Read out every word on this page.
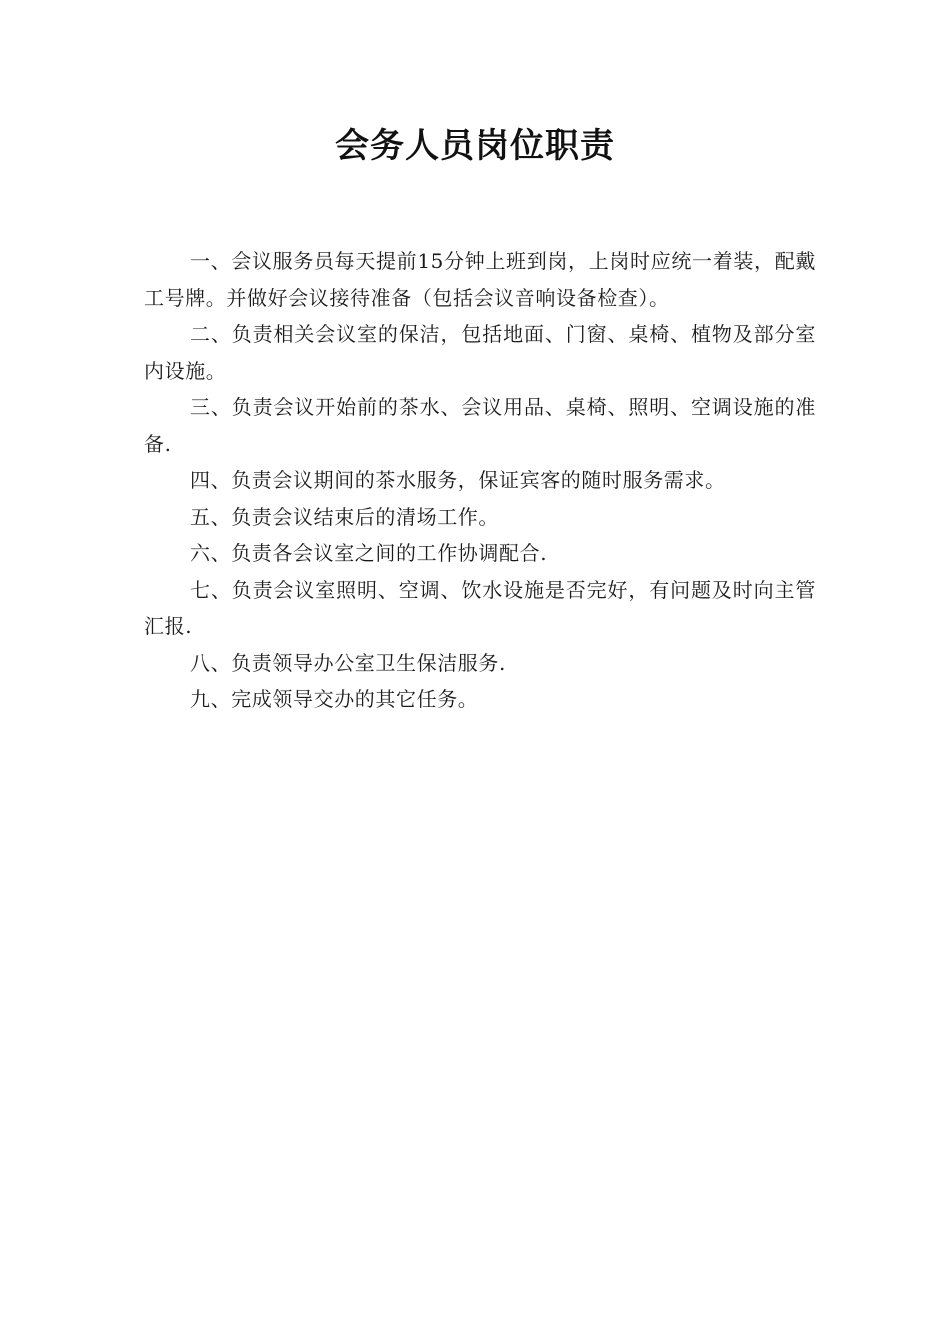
会务人员岗位职责

一、会议服务员每天提前15分钟上班到岗，上岗时应统一着装，配戴工号牌。并做好会议接待准备（包括会议音响设备检查）。

二、负责相关会议室的保洁，包括地面、门窗、桌椅、植物及部分室内设施。

三、负责会议开始前的茶水、会议用品、桌椅、照明、空调设施的准备.

四、负责会议期间的茶水服务，保证宾客的随时服务需求。

五、负责会议结束后的清场工作。

六、负责各会议室之间的工作协调配合.

七、负责会议室照明、空调、饮水设施是否完好，有问题及时向主管汇报.

八、负责领导办公室卫生保洁服务.

九、完成领导交办的其它任务。
